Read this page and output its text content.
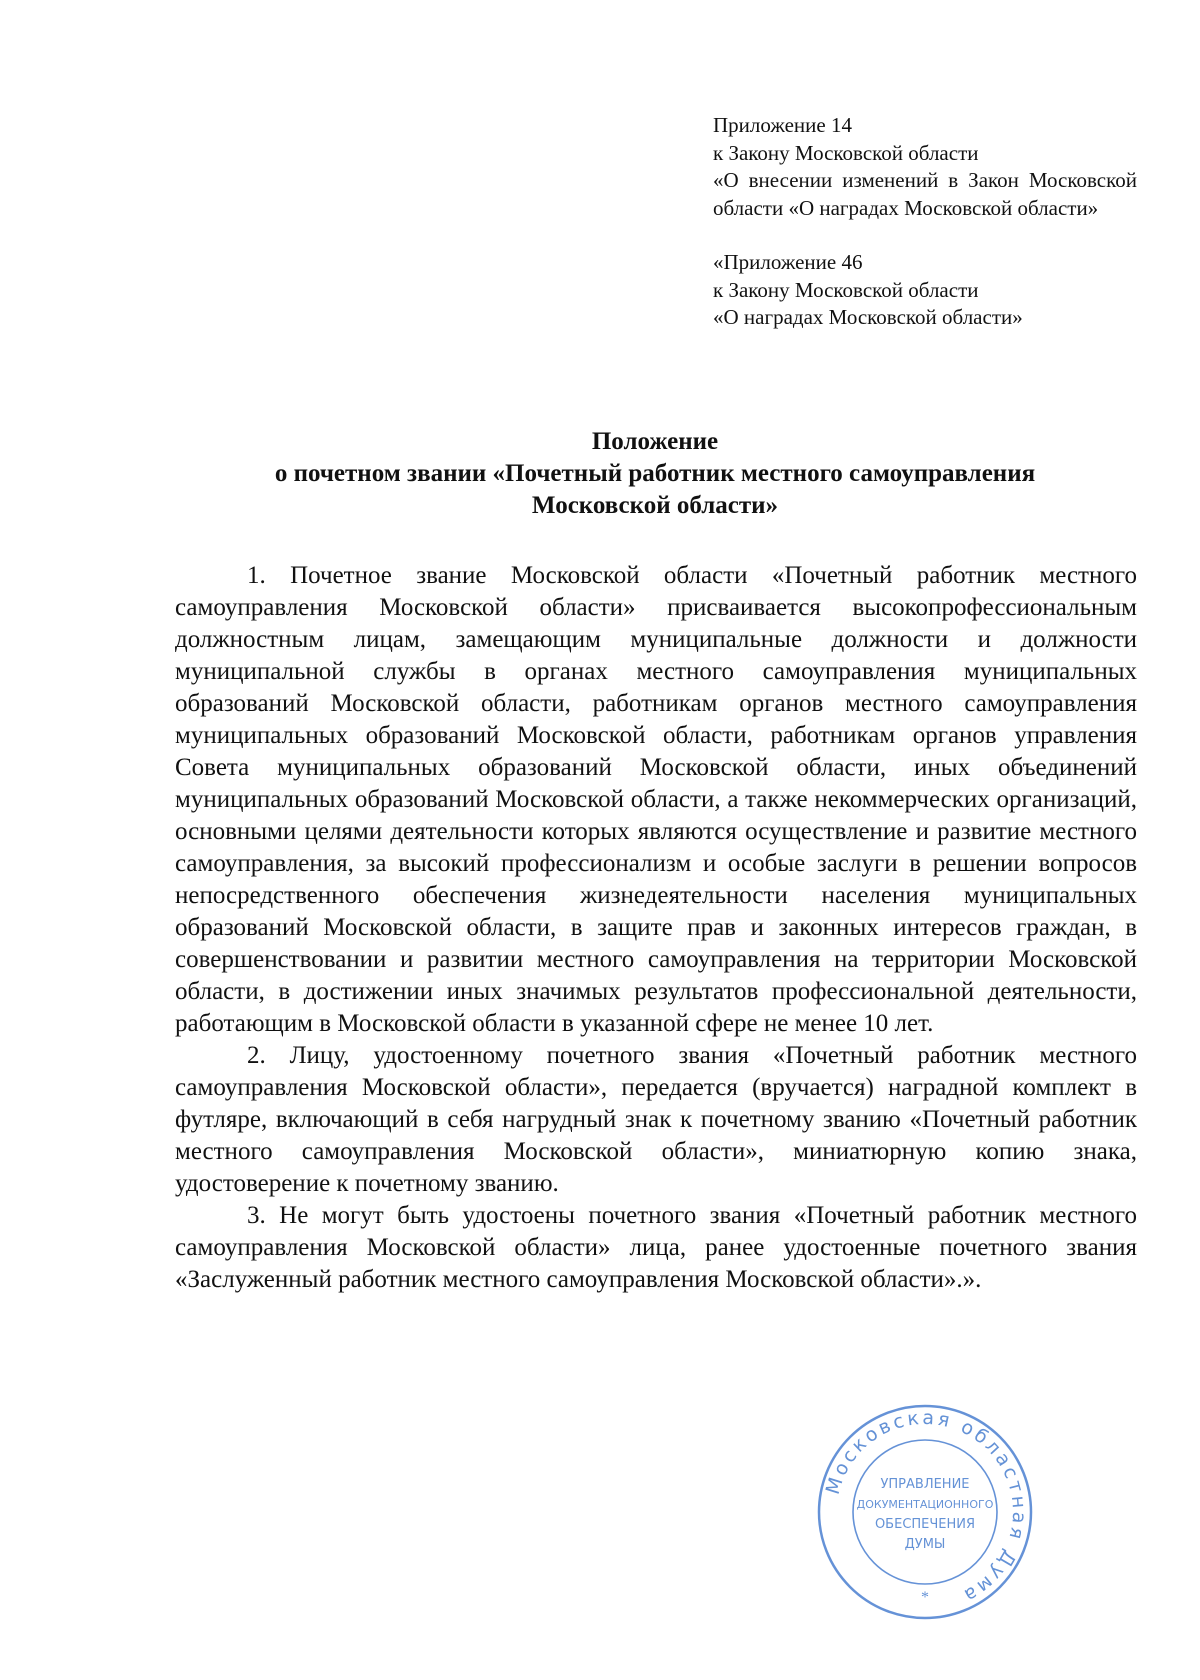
Приложение 14

к Закону Московской области

«О внесении изменений в Закон Московской области «О наградах Московской области»

«Приложение 46

к Закону Московской области

«О наградах Московской области»

Положение
о почетном звании «Почетный работник местного самоуправления
Московской области»

1. Почетное звание Московской области «Почетный работник местного самоуправления Московской области» присваивается высокопрофессиональным должностным лицам, замещающим муниципальные должности и должности муниципальной службы в органах местного самоуправления муниципальных образований Московской области, работникам органов местного самоуправления муниципальных образований Московской области, работникам органов управления Совета муниципальных образований Московской области, иных объединений муниципальных образований Московской области, а также некоммерческих организаций, основными целями деятельности которых являются осуществление и развитие местного самоуправления, за высокий профессионализм и особые заслуги в решении вопросов непосредственного обеспечения жизнедеятельности населения муниципальных образований Московской области, в защите прав и законных интересов граждан, в совершенствовании и развитии местного самоуправления на территории Московской области, в достижении иных значимых результатов профессиональной деятельности, работающим в Московской области в указанной сфере не менее 10 лет.

2. Лицу, удостоенному почетного звания «Почетный работник местного самоуправления Московской области», передается (вручается) наградной комплект в футляре, включающий в себя нагрудный знак к почетному званию «Почетный работник местного самоуправления Московской области», миниатюрную копию знака, удостоверение к почетному званию.

3. Не могут быть удостоены почетного звания «Почетный работник местного самоуправления Московской области» лица, ранее удостоенные почетного звания «Заслуженный работник местного самоуправления Московской области».».

Московская областная Дума
*
УПРАВЛЕНИЕ
ДОКУМЕНТАЦИОННОГО
ОБЕСПЕЧЕНИЯ
ДУМЫ
